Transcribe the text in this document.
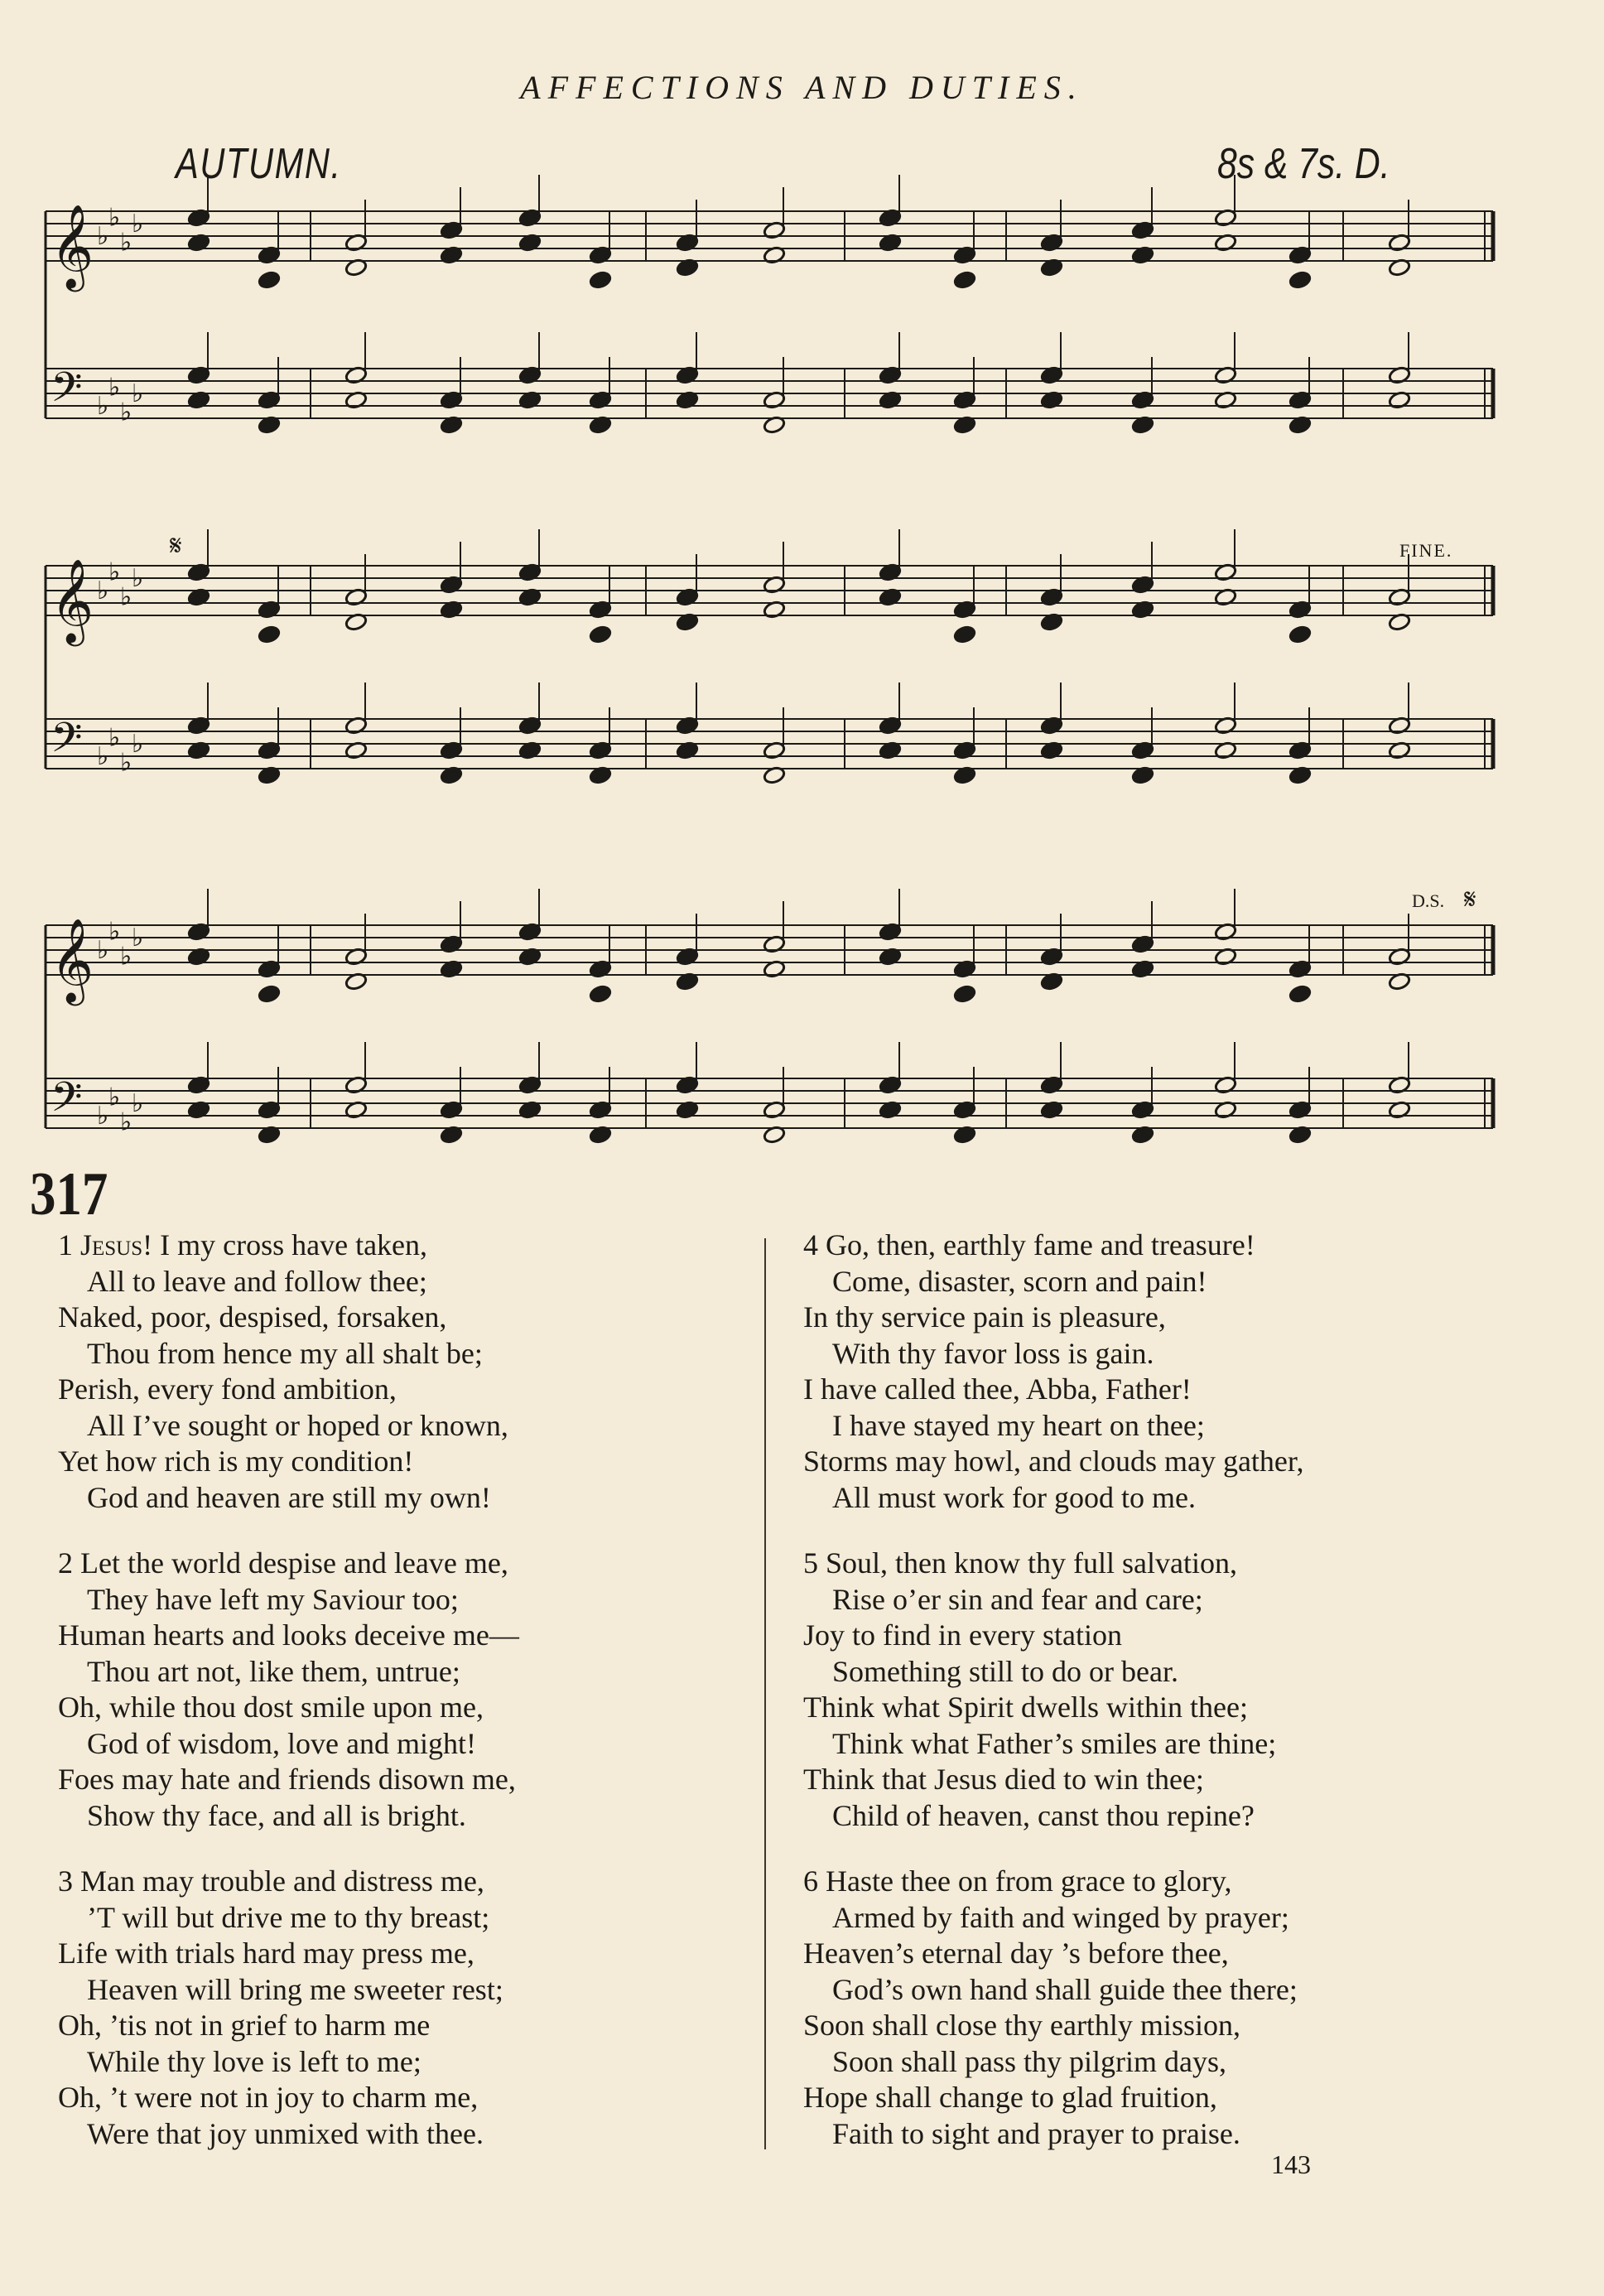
AFFECTIONS AND DUTIES.
AUTUMN.	8s & 7s. D.
FINE.
D.S.
𝄋
𝄋
𝄞 ♭
♭
♭
♭
𝄢 ♭
♭
♭
♭
𝄞 ♭
♭
♭
♭
𝄢 ♭
♭
♭
♭
𝄞 ♭
♭
♭
♭
𝄢 ♭
♭
♭
♭
317
1 Jesus! I my cross have taken,
All to leave and follow thee;
Naked, poor, despised, forsaken,
Thou from hence my all shalt be;
Perish, every fond ambition,
All I’ve sought or hoped or known,
Yet how rich is my condition!
God and heaven are still my own!
2 Let the world despise and leave me,
They have left my Saviour too;
Human hearts and looks deceive me—
Thou art not, like them, untrue;
Oh, while thou dost smile upon me,
God of wisdom, love and might!
Foes may hate and friends disown me,
Show thy face, and all is bright.
3 Man may trouble and distress me,
’T will but drive me to thy breast;
Life with trials hard may press me,
Heaven will bring me sweeter rest;
Oh, ’tis not in grief to harm me
While thy love is left to me;
Oh, ’t were not in joy to charm me,
Were that joy unmixed with thee.
4 Go, then, earthly fame and treasure!
Come, disaster, scorn and pain!
In thy service pain is pleasure,
With thy favor loss is gain.
I have called thee, Abba, Father!
I have stayed my heart on thee;
Storms may howl, and clouds may gather,
All must work for good to me.
5 Soul, then know thy full salvation,
Rise o’er sin and fear and care;
Joy to find in every station
Something still to do or bear.
Think what Spirit dwells within thee;
Think what Father’s smiles are thine;
Think that Jesus died to win thee;
Child of heaven, canst thou repine?
6 Haste thee on from grace to glory,
Armed by faith and winged by prayer;
Heaven’s eternal day ’s before thee,
God’s own hand shall guide thee there;
Soon shall close thy earthly mission,
Soon shall pass thy pilgrim days,
Hope shall change to glad fruition,
Faith to sight and prayer to praise.
143
